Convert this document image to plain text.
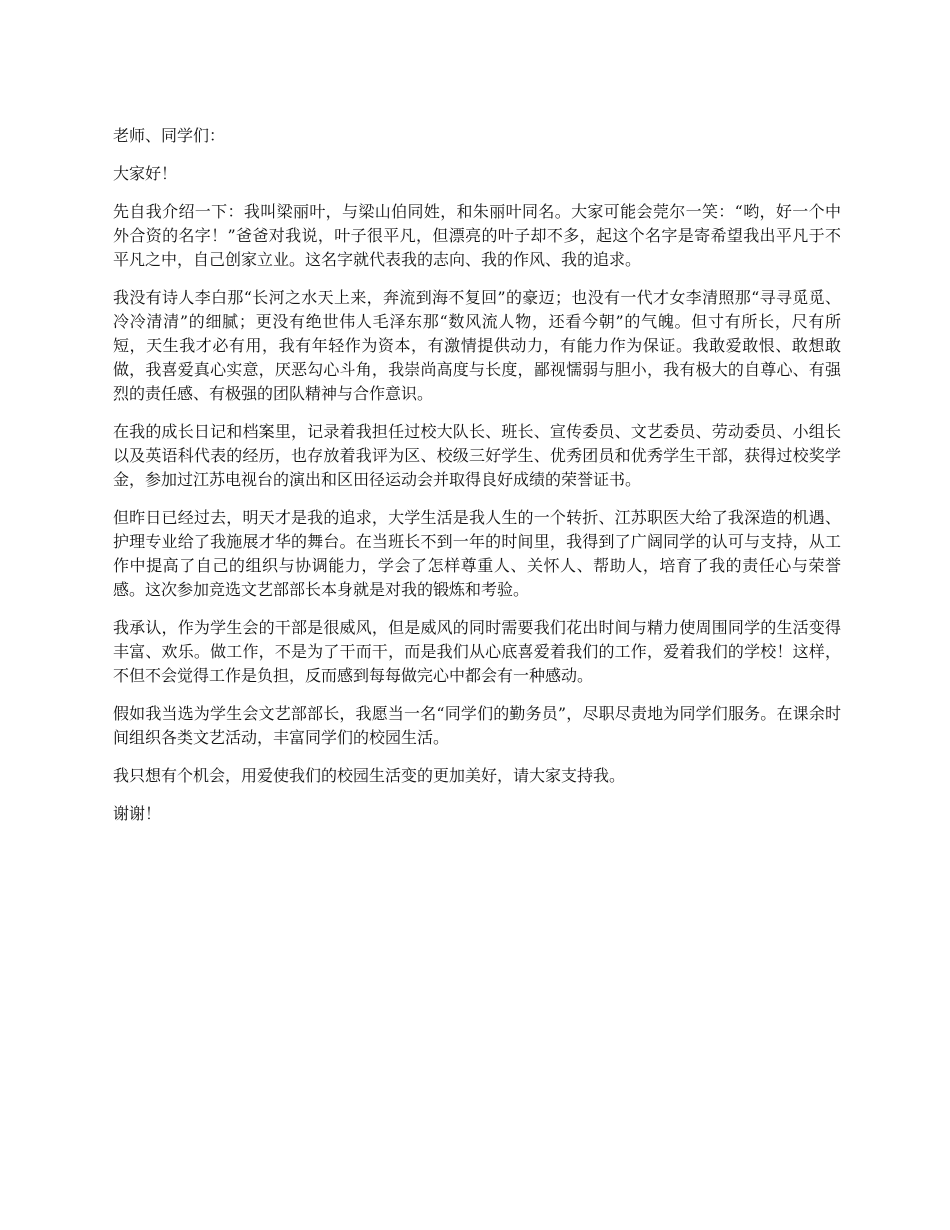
老师、同学们：

大家好！

先自我介绍一下：我叫梁丽叶，与梁山伯同姓，和朱丽叶同名。大家可能会莞尔一笑：“哟，好一个中外合资的名字！”爸爸对我说，叶子很平凡，但漂亮的叶子却不多，起这个名字是寄希望我出平凡于不平凡之中，自己创家立业。这名字就代表我的志向、我的作风、我的追求。

我没有诗人李白那“长河之水天上来，奔流到海不复回”的豪迈；也没有一代才女李清照那“寻寻觅觅、冷冷清清”的细腻；更没有绝世伟人毛泽东那“数风流人物，还看今朝”的气魄。但寸有所长，尺有所短，天生我才必有用，我有年轻作为资本，有激情提供动力，有能力作为保证。我敢爱敢恨、敢想敢做，我喜爱真心实意，厌恶勾心斗角，我崇尚高度与长度，鄙视懦弱与胆小，我有极大的自尊心、有强烈的责任感、有极强的团队精神与合作意识。

在我的成长日记和档案里，记录着我担任过校大队长、班长、宣传委员、文艺委员、劳动委员、小组长以及英语科代表的经历，也存放着我评为区、校级三好学生、优秀团员和优秀学生干部，获得过校奖学金，参加过江苏电视台的演出和区田径运动会并取得良好成绩的荣誉证书。

但昨日已经过去，明天才是我的追求，大学生活是我人生的一个转折、江苏职医大给了我深造的机遇、护理专业给了我施展才华的舞台。在当班长不到一年的时间里，我得到了广阔同学的认可与支持，从工作中提高了自己的组织与协调能力，学会了怎样尊重人、关怀人、帮助人，培育了我的责任心与荣誉感。这次参加竞选文艺部部长本身就是对我的锻炼和考验。

我承认，作为学生会的干部是很威风，但是威风的同时需要我们花出时间与精力使周围同学的生活变得丰富、欢乐。做工作，不是为了干而干，而是我们从心底喜爱着我们的工作，爱着我们的学校！这样，不但不会觉得工作是负担，反而感到每每做完心中都会有一种感动。

假如我当选为学生会文艺部部长，我愿当一名“同学们的勤务员”，尽职尽责地为同学们服务。在课余时间组织各类文艺活动，丰富同学们的校园生活。

我只想有个机会，用爱使我们的校园生活变的更加美好，请大家支持我。

谢谢！
